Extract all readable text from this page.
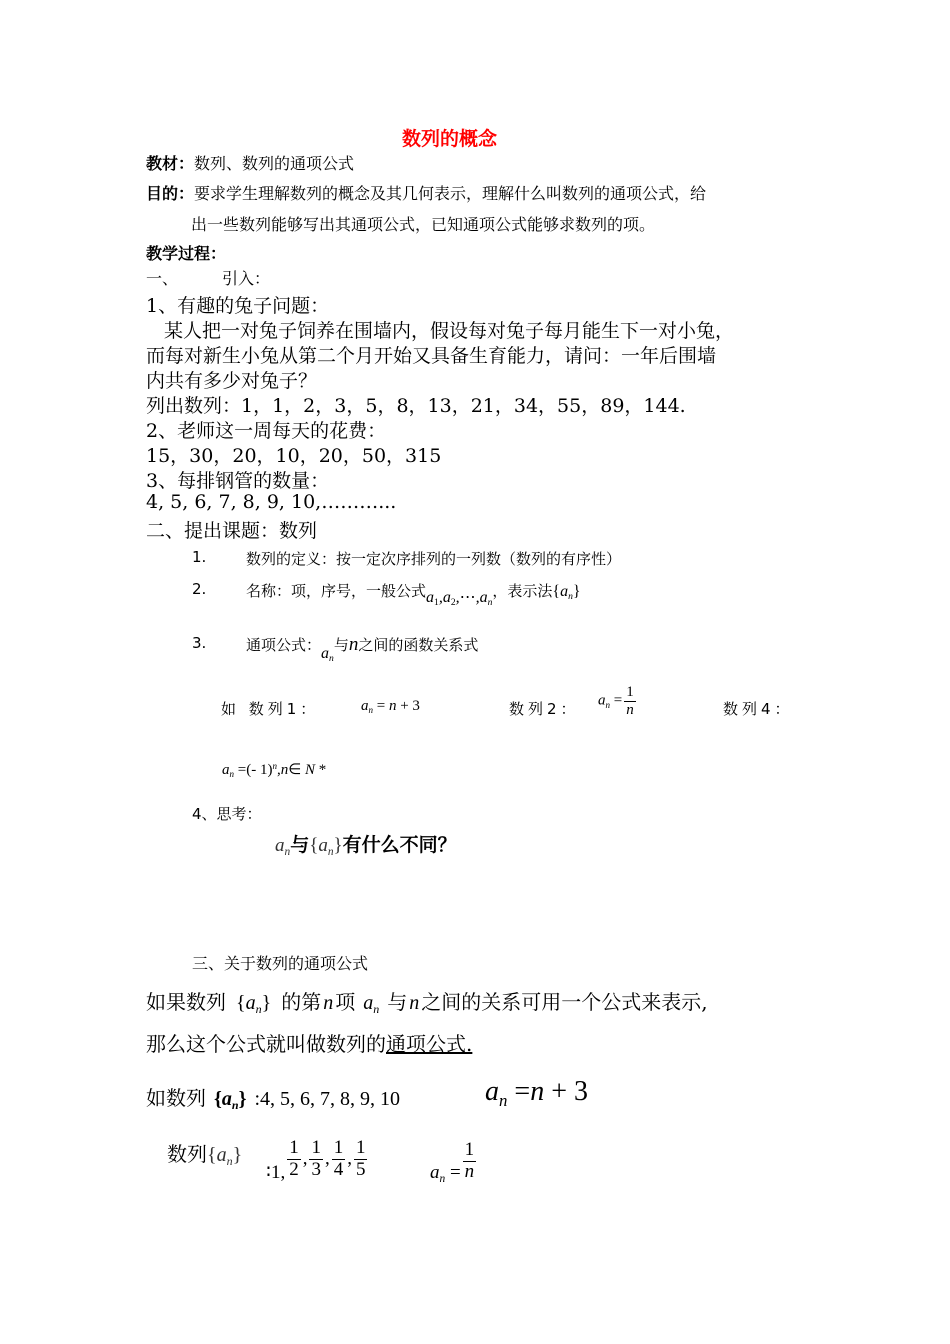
数列的概念
教材：数列、数列的通项公式
目的：要求学生理解数列的概念及其几何表示，理解什么叫数列的通项公式，给
出一些数列能够写出其通项公式，已知通项公式能够求数列的项。
教学过程：
一、	引入：
1、有趣的兔子问题：
某人把一对兔子饲养在围墙内，假设每对兔子每月能生下一对小兔，
而每对新生小兔从第二个月开始又具备生育能力，请问：一年后围墙
内共有多少对兔子？
列出数列：1，1，2，3，5，8，13，21，34，55，89，144.
2、老师这一周每天的花费：
15，30，20，10，20，50，315
3、每排钢管的数量：
4, 5, 6, 7, 8, 9, 10,………...
二、提出课题：数列
1.	数列的定义：按一定次序排列的一列数（数列的有序性）
2.	名称：项，序号，一般公式$a_1,a_2,\cdots,a_n$，表示法$\{a_n\}$
3.	通项公式：$a_n$与n之间的函数关系式
如 数列1：	$a_n = n + 3$	数列2： $a_n = \frac{1}{n}$	数列4：
$a_n$ =(- 1)$^n$,n∈ N *
4、思考：
$a_n$与$\{a_n\}$有什么不同？
三、关于数列的通项公式
如果数列 $\{a_n\}$ 的第 n 项 $a_n$ 与 n 之间的关系可用一个公式来表示,
那么这个公式就叫做数列的通项公式.
如数列 $\{a_n\}$ :4, 5, 6, 7, 8, 9, 10	$a_n =n + 3$
数列$\{a_n\}$
∶1, $\frac{1}{2}$ , $\frac{1}{3}$ , $\frac{1}{4}$ , $\frac{1}{5}$	$a_n = \frac{1}{n}$
